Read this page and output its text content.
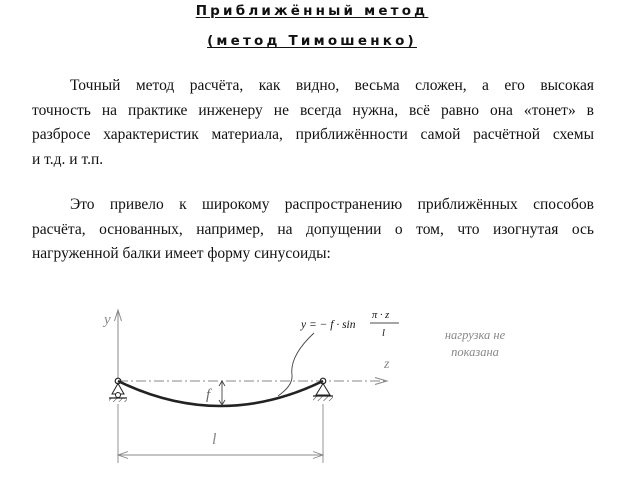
Приближённый метод
(метод Тимошенко)
Точный метод расчёта, как видно, весьма сложен, а его высокая
точность на практике инженеру не всегда нужна, всё равно она «тонет» в
разбросе характеристик материала, приближённости самой расчётной схемы
и т.д. и т.п.
Это привело к широкому распространению приближённых способов
расчёта, основанных, например, на допущении о том, что изогнутая ось
нагруженной балки имеет форму синусоиды:
y
z
f
l
y = − f · sin
π · z
l	нагрузка не
показана
